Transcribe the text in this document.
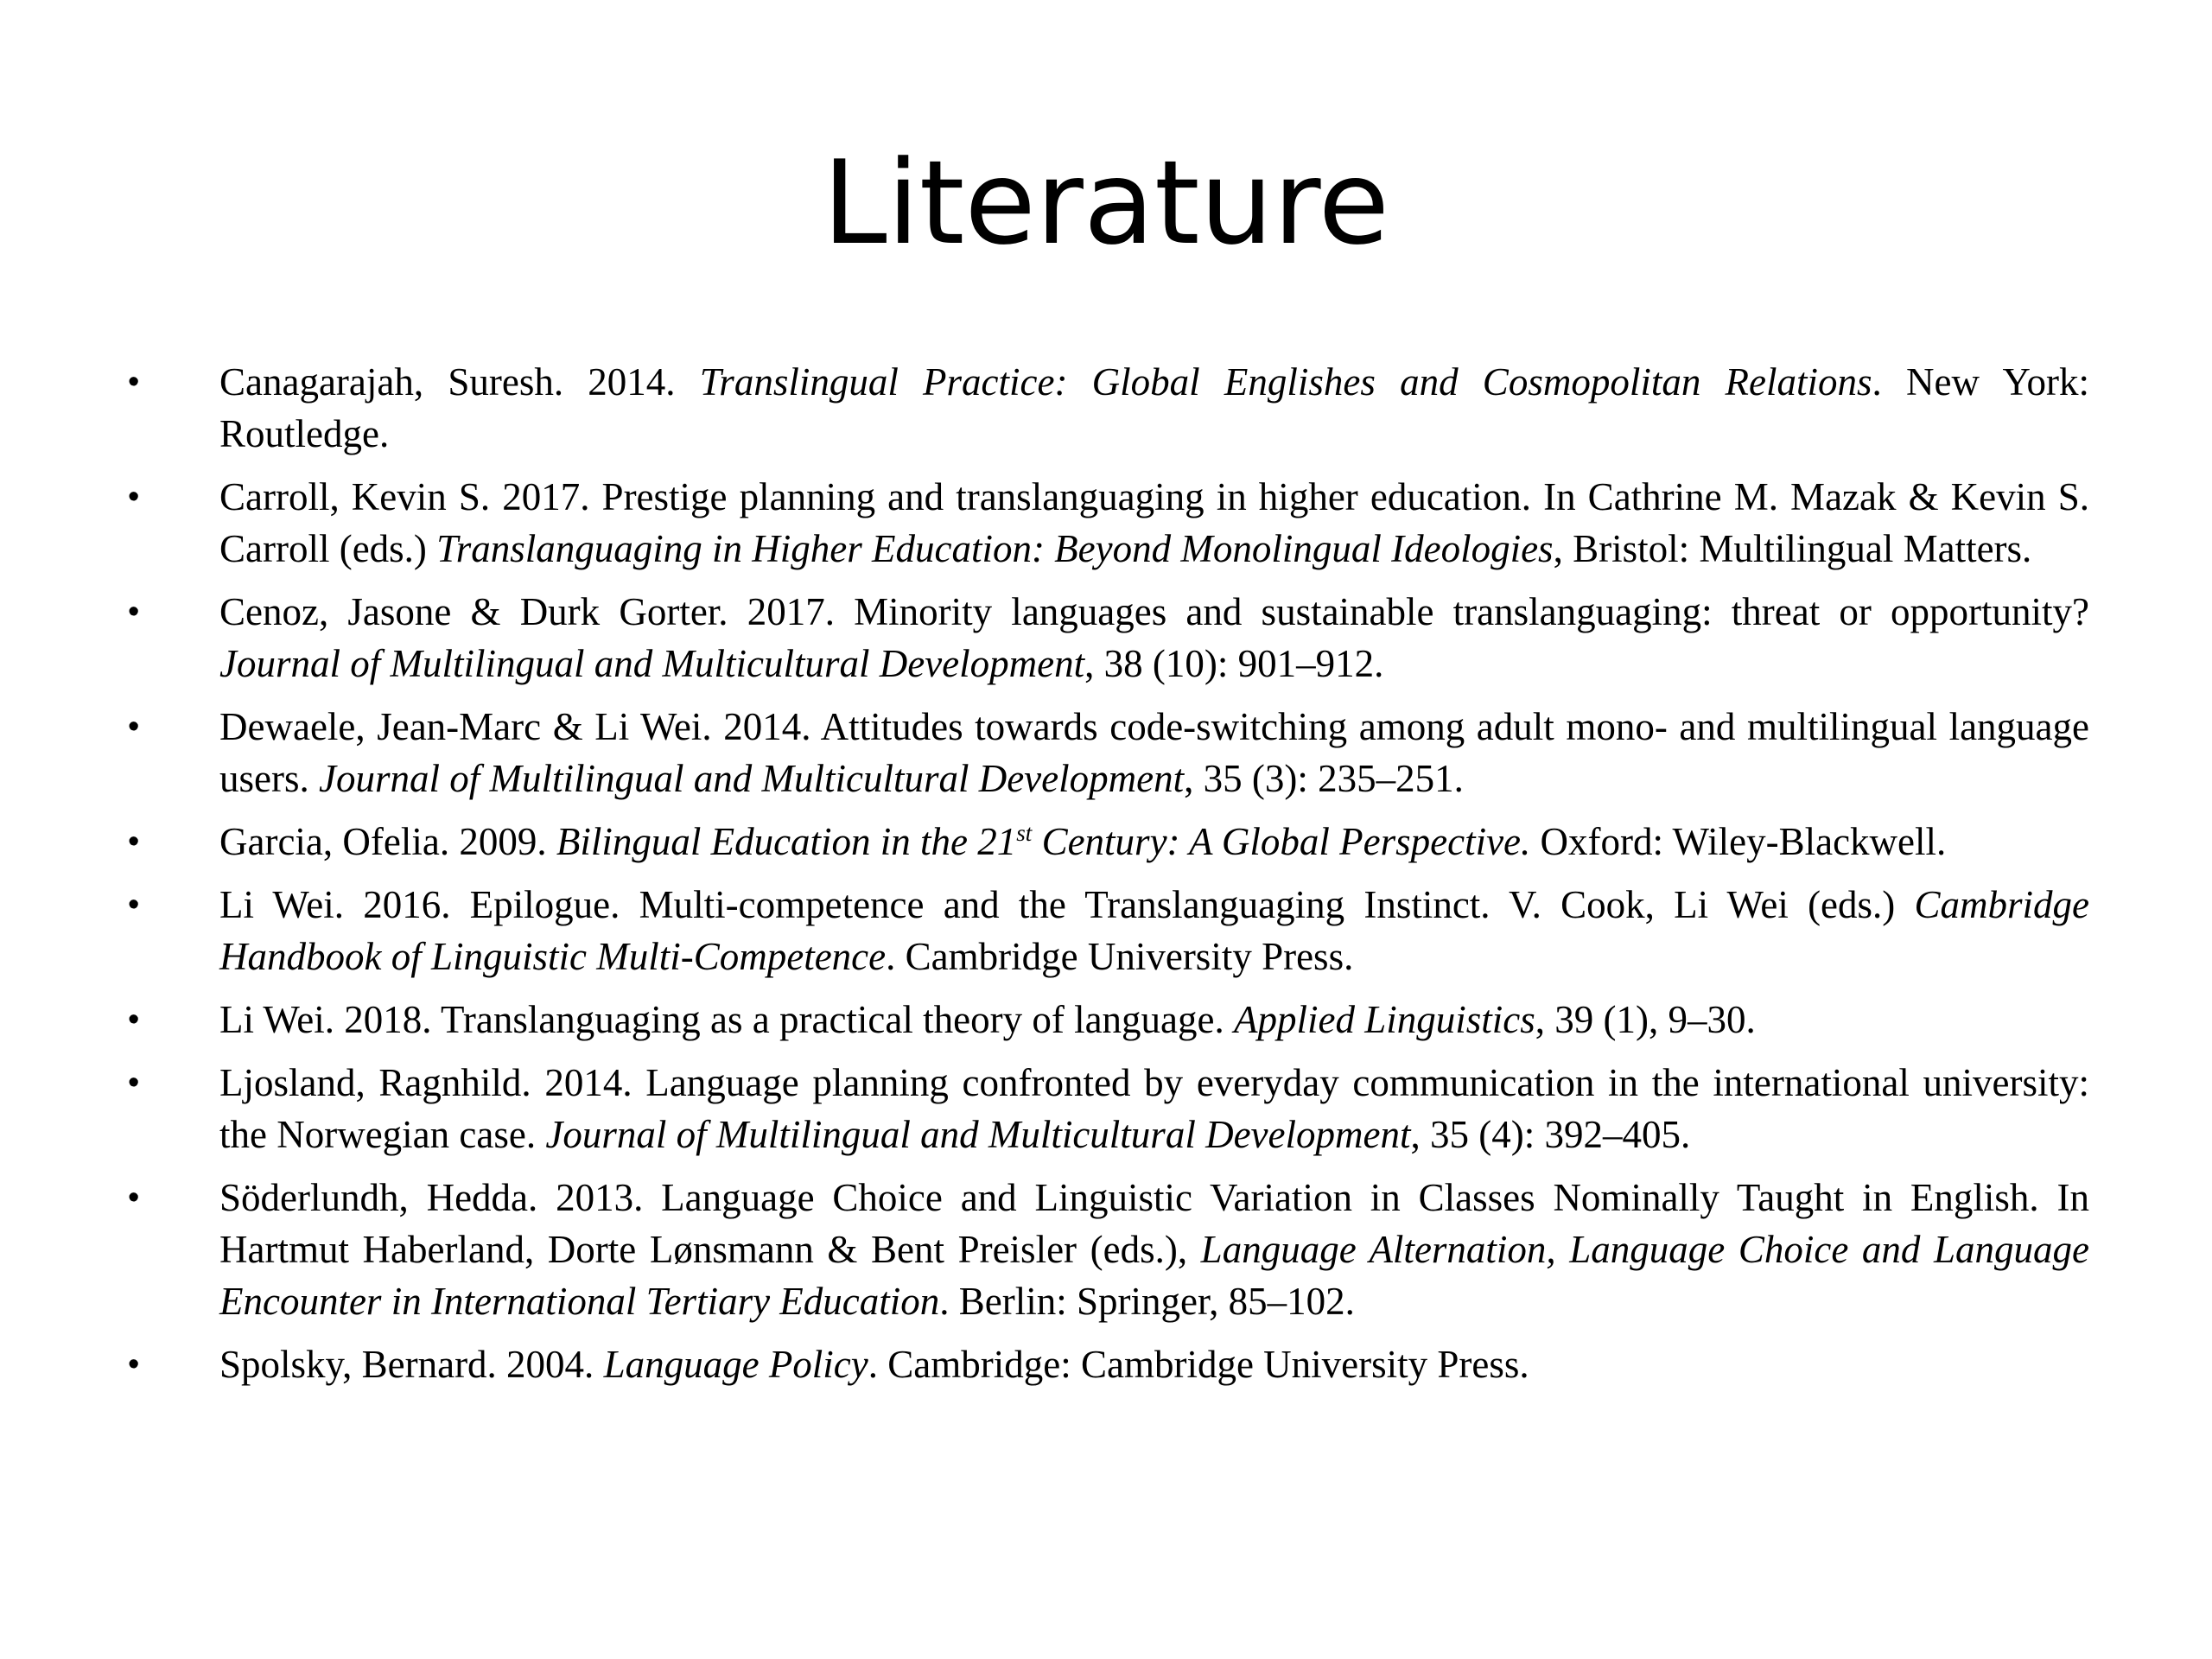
Literature
•	Canagarajah, Suresh. 2014. Translingual Practice: Global Englishes and Cosmopolitan Relations. New York: Routledge.
•	Carroll, Kevin S. 2017. Prestige planning and translanguaging in higher education. In Cathrine M. Mazak & Kevin S. Carroll (eds.) Translanguaging in Higher Education: Beyond Monolingual Ideologies, Bristol: Multilingual Matters.
•	Cenoz, Jasone & Durk Gorter. 2017. Minority languages and sustainable translanguaging: threat or opportunity? Journal of Multilingual and Multicultural Development, 38 (10): 901–912.
•	Dewaele, Jean-Marc & Li Wei. 2014. Attitudes towards code-switching among adult mono- and multilingual language users. Journal of Multilingual and Multicultural Development, 35 (3): 235–251.
•	Garcia, Ofelia. 2009. Bilingual Education in the 21st Century: A Global Perspective. Oxford: Wiley-Blackwell.
•	Li Wei. 2016. Epilogue. Multi-competence and the Translanguaging Instinct. V. Cook, Li Wei (eds.) Cambridge Handbook of Linguistic Multi-Competence. Cambridge University Press.
•	Li Wei. 2018. Translanguaging as a practical theory of language. Applied Linguistics, 39 (1), 9–30.
•	Ljosland, Ragnhild. 2014. Language planning confronted by everyday communication in the international university: the Norwegian case. Journal of Multilingual and Multicultural Development, 35 (4): 392–405.
•	Söderlundh, Hedda. 2013. Language Choice and Linguistic Variation in Classes Nominally Taught in English. In Hartmut Haberland, Dorte Lønsmann & Bent Preisler (eds.), Language Alternation, Language Choice and Language Encounter in International Tertiary Education. Berlin: Springer, 85–102.
•	Spolsky, Bernard. 2004. Language Policy. Cambridge: Cambridge University Press.
